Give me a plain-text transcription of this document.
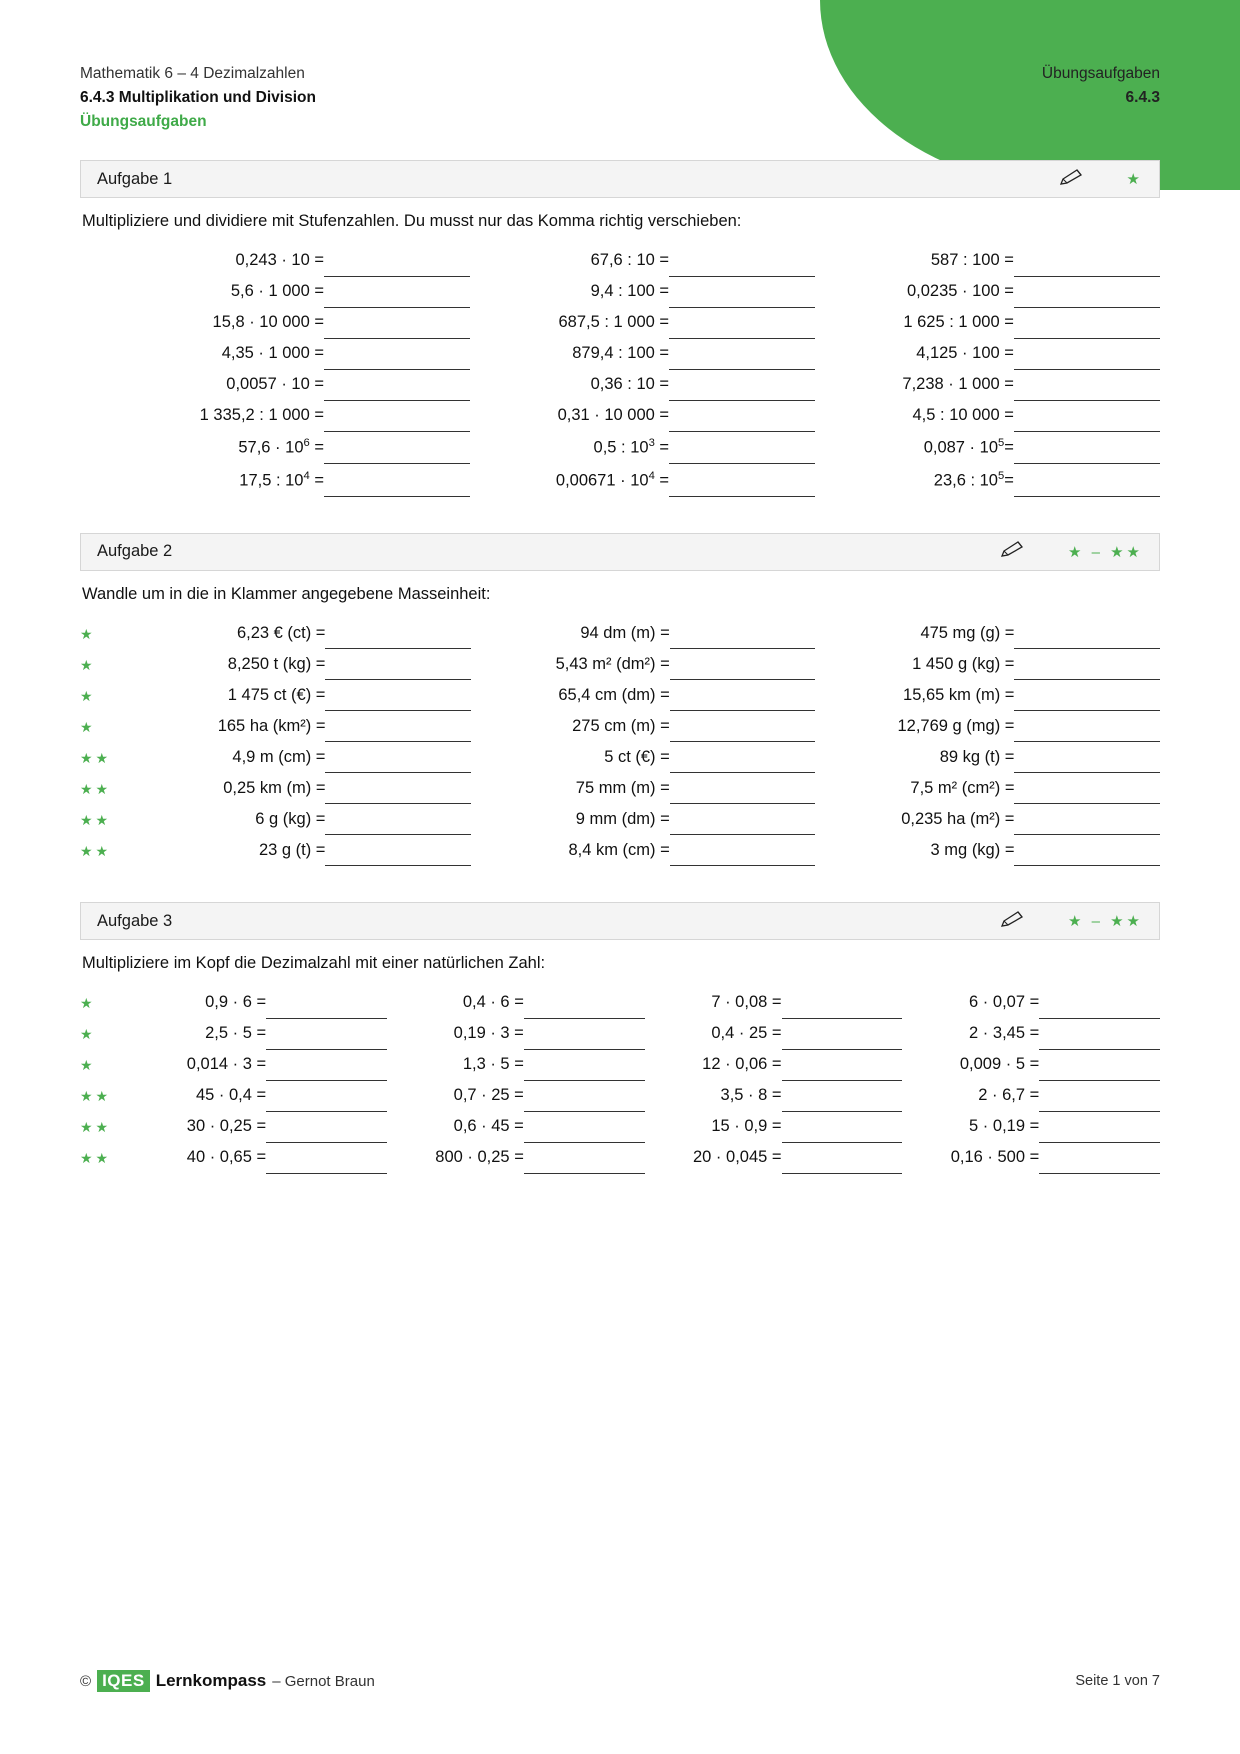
Mathematik 6 – 4 Dezimalzahlen
6.4.3 Multiplikation und Division
Übungsaufgaben
Übungsaufgaben
6.4.3
Aufgabe 1	★
Multipliziere und dividiere mit Stufenzahlen. Du musst nur das Komma richtig verschieben:
	0,243 · 10 =			67,6 : 10 =			587 : 100 =	
	5,6 · 1 000 =			9,4 : 100 =			0,0235 · 100 =	
	15,8 · 10 000 =			687,5 : 1 000 =			1 625 : 1 000 =	
	4,35 · 1 000 =			879,4 : 100 =			4,125 · 100 =	
	0,0057 · 10 =			0,36 : 10 =			7,238 · 1 000 =	
	1 335,2 : 1 000 =			0,31 · 10 000 =			4,5 : 10 000 =	
	$57,6 \cdot 10^6$ =			0,5 : $10^3$ =			$0,087 \cdot 10^5=$	
	17,5 : $10^4$ =			$0,00671 \cdot 10^4$ =			23,6 : $10^5=$	
Aufgabe 2	★ – ★★
Wandle um in die in Klammer angegebene Masseinheit:
★	6,23 € (ct) =			94 dm (m) =			475 mg (g) =	
★	8,250 t (kg) =			5,43 m² (dm²) =			1 450 g (kg) =	
★	1 475 ct (€) =			65,4 cm (dm) =			15,65 km (m) =	
★	165 ha (km²) =			275 cm (m) =			12,769 g (mg) =	
★★	4,9 m (cm) =			5 ct (€) =			89 kg (t) =	
★★	0,25 km (m) =			75 mm (m) =			7,5 m² (cm²) =	
★★	6 g (kg) =			9 mm (dm) =			0,235 ha (m²) =	
★★	23 g (t) =			8,4 km (cm) =			3 mg (kg) =	
Aufgabe 3	★ – ★★
Multipliziere im Kopf die Dezimalzahl mit einer natürlichen Zahl:
★	0,9 · 6 =			0,4 · 6 =			7 · 0,08 =			6 · 0,07 =	
★	2,5 · 5 =			0,19 · 3 =			0,4 · 25 =			2 · 3,45 =	
★	0,014 · 3 =			1,3 · 5 =			12 · 0,06 =			0,009 · 5 =	
★★	45 · 0,4 =			0,7 · 25 =			3,5 · 8 =			2 · 6,7 =	
★★	30 · 0,25 =			0,6 · 45 =			15 · 0,9 =			5 · 0,19 =	
★★	40 · 0,65 =			800 · 0,25 =			20 · 0,045 =			0,16 · 500 =	
© IQES Lernkompass – Gernot Braun	Seite 1 von 7
